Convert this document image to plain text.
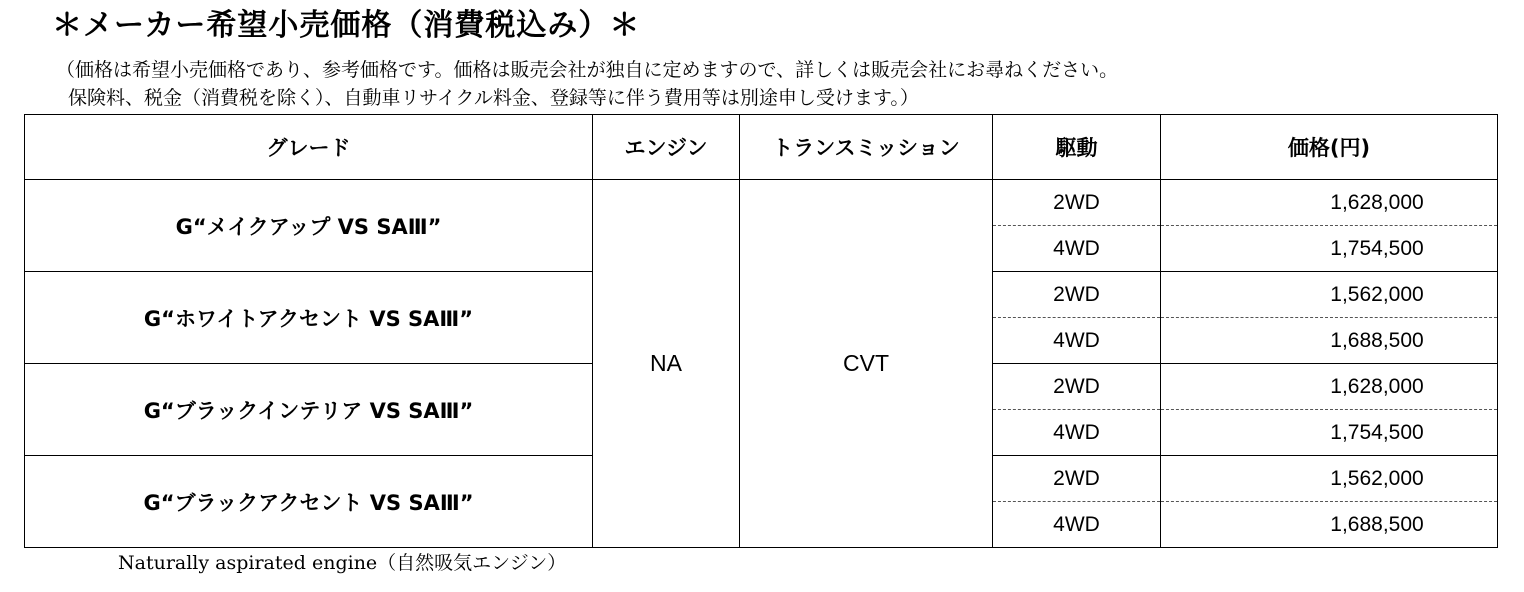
＊メーカー希望小売価格（消費税込み）＊
（価格は希望小売価格であり、参考価格です。価格は販売会社が独自に定めますので、詳しくは販売会社にお尋ねください。
保険料、税金（消費税を除く）、自動車リサイクル料金、登録等に伴う費用等は別途申し受けます。）
グレード	エンジン	トランスミッション	駆動	価格(円)
G“メイクアップ VS SAⅢ”	NA	CVT	2WD	1,628,000
			4WD	1,754,500
G“ホワイトアクセント VS SAⅢ”			2WD	1,562,000
			4WD	1,688,500
G“ブラックインテリア VS SAⅢ”			2WD	1,628,000
			4WD	1,754,500
G“ブラックアクセント VS SAⅢ”			2WD	1,562,000
			4WD	1,688,500
Naturally aspirated engine（自然吸気エンジン）
